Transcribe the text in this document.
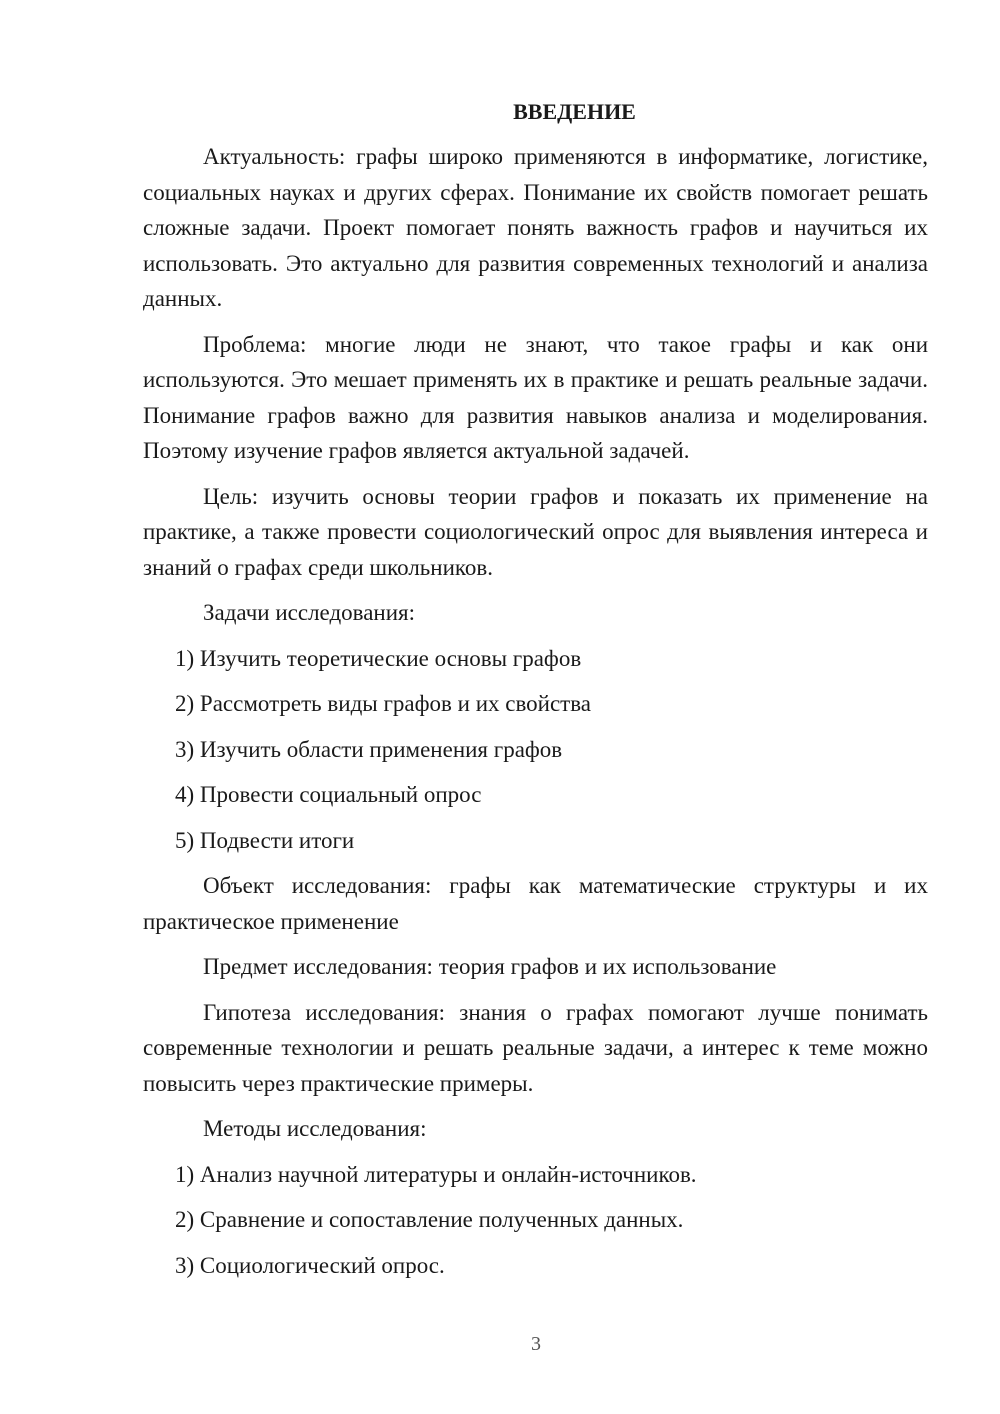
ВВЕДЕНИЕ

Актуальность: графы широко применяются в информатике, логистике, социальных науках и других сферах. Понимание их свойств помогает решать сложные задачи. Проект помогает понять важность графов и научиться их использовать. Это актуально для развития современных технологий и анализа данных.

Проблема: многие люди не знают, что такое графы и как они используются. Это мешает применять их в практике и решать реальные задачи. Понимание графов важно для развития навыков анализа и моделирования. Поэтому изучение графов является актуальной задачей.

Цель: изучить основы теории графов и показать их применение на практике, а также провести социологический опрос для выявления интереса и знаний о графах среди школьников.

Задачи исследования:

1) Изучить теоретические основы графов

2) Рассмотреть виды графов и их свойства

3) Изучить области применения графов

4) Провести социальный опрос

5) Подвести итоги

Объект исследования: графы как математические структуры и их практическое применение

Предмет исследования: теория графов и их использование

Гипотеза исследования: знания о графах помогают лучше понимать современные технологии и решать реальные задачи, а интерес к теме можно повысить через практические примеры.

Методы исследования:

1) Анализ научной литературы и онлайн-источников.

2) Сравнение и сопоставление полученных данных.

3) Социологический опрос.

3
